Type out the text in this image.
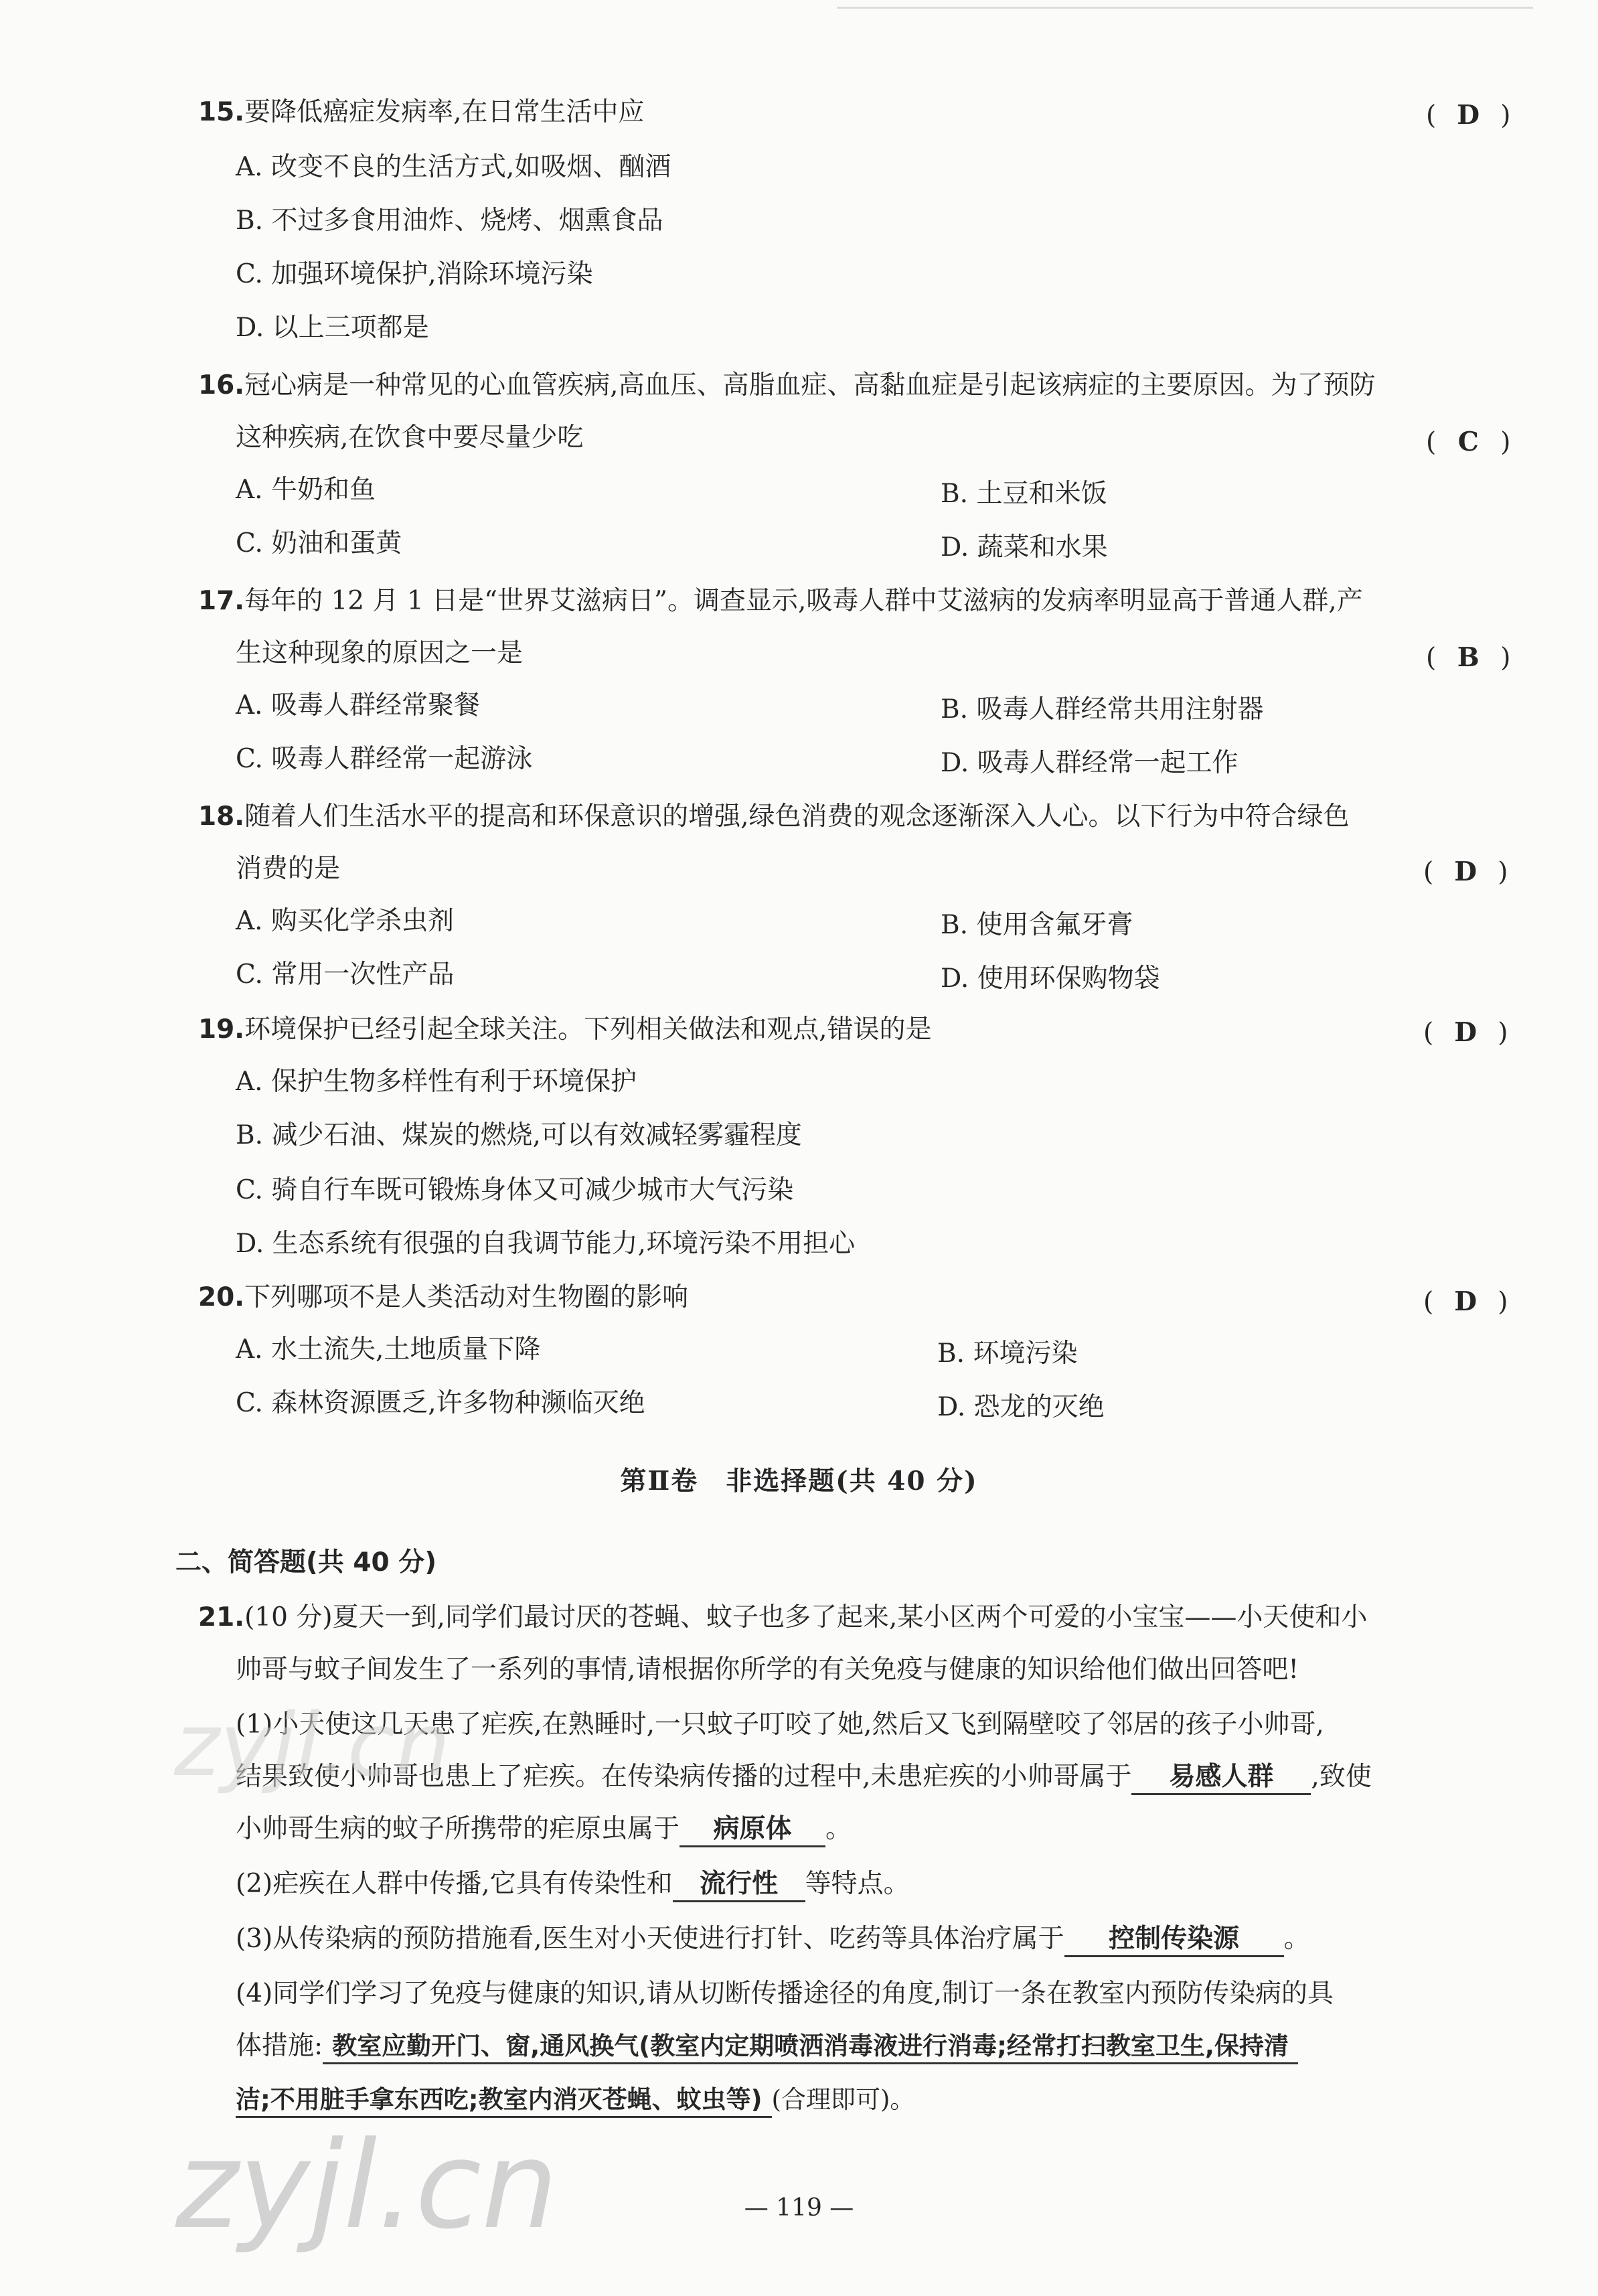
15.要降低癌症发病率,在日常生活中应	( D )
A. 改变不良的生活方式,如吸烟、酗酒
B. 不过多食用油炸、烧烤、烟熏食品
C. 加强环境保护,消除环境污染
D. 以上三项都是
16.冠心病是一种常见的心血管疾病,高血压、高脂血症、高黏血症是引起该病症的主要原因。为了预防
这种疾病,在饮食中要尽量少吃	( C )
A. 牛奶和鱼	B. 土豆和米饭
C. 奶油和蛋黄	D. 蔬菜和水果
17.每年的 12 月 1 日是“世界艾滋病日”。调查显示,吸毒人群中艾滋病的发病率明显高于普通人群,产
生这种现象的原因之一是	( B )
A. 吸毒人群经常聚餐	B. 吸毒人群经常共用注射器
C. 吸毒人群经常一起游泳	D. 吸毒人群经常一起工作
18.随着人们生活水平的提高和环保意识的增强,绿色消费的观念逐渐深入人心。以下行为中符合绿色
消费的是	( D )
A. 购买化学杀虫剂	B. 使用含氟牙膏
C. 常用一次性产品	D. 使用环保购物袋
19.环境保护已经引起全球关注。下列相关做法和观点,错误的是	( D )
A. 保护生物多样性有利于环境保护
B. 减少石油、煤炭的燃烧,可以有效减轻雾霾程度
C. 骑自行车既可锻炼身体又可减少城市大气污染
D. 生态系统有很强的自我调节能力,环境污染不用担心
20.下列哪项不是人类活动对生物圈的影响	( D )
A. 水土流失,土地质量下降	B. 环境污染
C. 森林资源匮乏,许多物种濒临灭绝	D. 恐龙的灭绝
第Ⅱ卷　非选择题(共 40 分)
二、简答题(共 40 分)
21.(10 分)夏天一到,同学们最讨厌的苍蝇、蚊子也多了起来,某小区两个可爱的小宝宝——小天使和小
帅哥与蚊子间发生了一系列的事情,请根据你所学的有关免疫与健康的知识给他们做出回答吧!
(1)小天使这几天患了疟疾,在熟睡时,一只蚊子叮咬了她,然后又飞到隔壁咬了邻居的孩子小帅哥,
结果致使小帅哥也患上了疟疾。在传染病传播的过程中,未患疟疾的小帅哥属于 易感人群 ,致使
小帅哥生病的蚊子所携带的疟原虫属于 病原体 。
(2)疟疾在人群中传播,它具有传染性和 流行性 等特点。
(3)从传染病的预防措施看,医生对小天使进行打针、吃药等具体治疗属于 控制传染源 。
(4)同学们学习了免疫与健康的知识,请从切断传播途径的角度,制订一条在教室内预防传染病的具
体措施: 教室应勤开门、窗,通风换气(教室内定期喷洒消毒液进行消毒;经常打扫教室卫生,保持清
洁;不用脏手拿东西吃;教室内消灭苍蝇、蚊虫等) (合理即可)。
— 119 —
zyjl.cn
zyjl.cn
